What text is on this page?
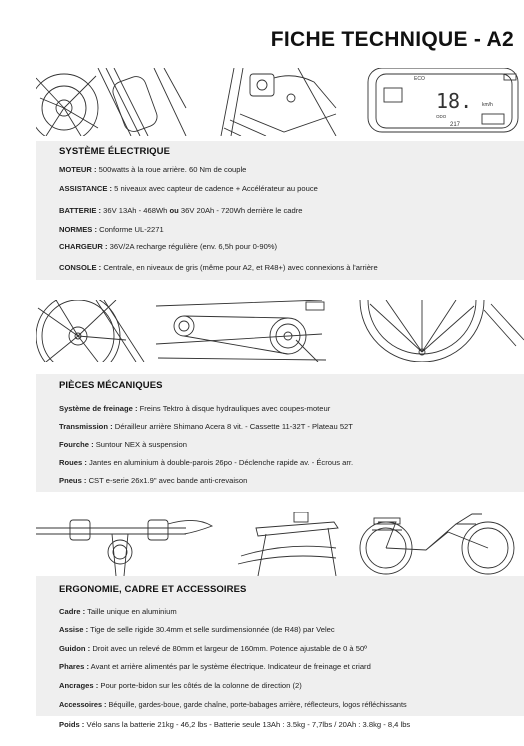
FICHE TECHNIQUE - A2
ECO
18. km/h
ODO
217
SYSTÈME ÉLECTRIQUE
MOTEUR : 500watts à la roue arrière. 60 Nm de couple
ASSISTANCE : 5 niveaux avec capteur de cadence + Accélérateur au pouce
BATTERIE : 36V 13Ah - 468Wh ou 36V 20Ah - 720Wh derrière le cadre
NORMES : Conforme UL-2271
CHARGEUR : 36V/2A recharge régulière (env. 6,5h pour 0-90%)
CONSOLE : Centrale, en niveaux de gris (même pour A2, et R48+) avec connexions à l'arrière
PIÈCES MÉCANIQUES
Système de freinage : Freins Tektro à disque hydrauliques avec coupes-moteur
Transmission : Dérailleur arrière Shimano Acera 8 vit. - Cassette 11-32T - Plateau 52T
Fourche : Suntour NEX à suspension
Roues : Jantes en aluminium à double-parois 26po - Déclenche rapide av. - Écrous arr.
Pneus : CST e-serie 26x1.9" avec bande anti-crevaison
ERGONOMIE, CADRE ET ACCESSOIRES
Cadre : Taille unique en aluminium
Assise : Tige de selle rigide 30.4mm et selle surdimensionnée (de R48) par Velec
Guidon : Droit avec un relevé de 80mm et largeur de 160mm. Potence ajustable de 0 à 50º
Phares : Avant et arrière alimentés par le système électrique. Indicateur de freinage et criard
Ancrages : Pour porte-bidon sur les côtés de la colonne de direction (2)
Accessoires : Béquille, gardes-boue, garde chaîne, porte-babages arrière, réflecteurs, logos réfléchissants
Poids : Vélo sans la batterie 21kg - 46,2 lbs - Batterie seule 13Ah : 3.5kg - 7,7lbs / 20Ah : 3.8kg - 8,4 lbs
